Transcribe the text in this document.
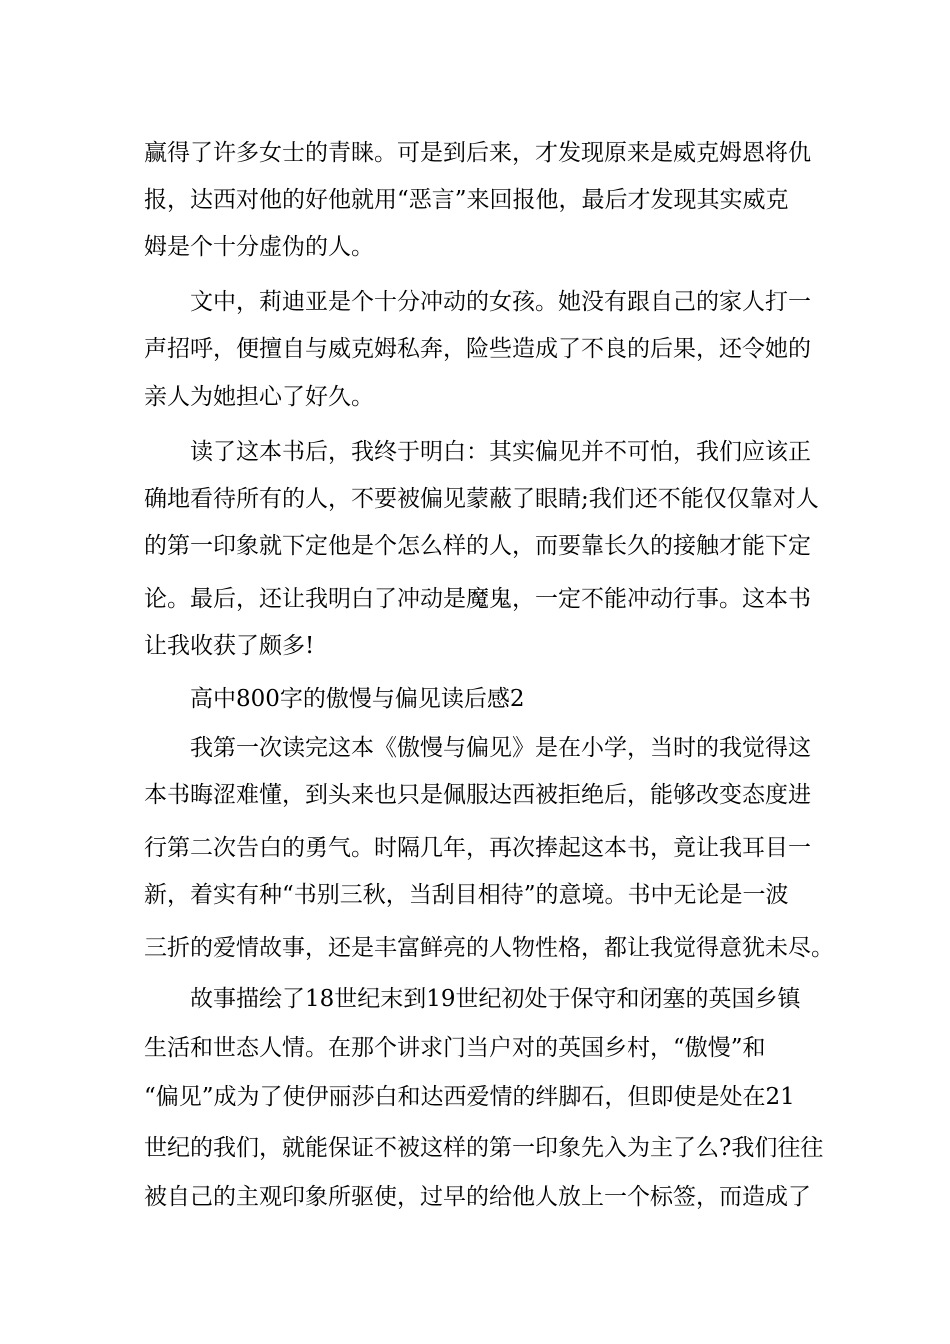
赢得了许多女士的青睐。可是到后来，才发现原来是威克姆恩将仇
报，达西对他的好他就用“恶言”来回报他，最后才发现其实威克
姆是个十分虚伪的人。
　　文中，莉迪亚是个十分冲动的女孩。她没有跟自己的家人打一
声招呼，便擅自与威克姆私奔，险些造成了不良的后果，还令她的
亲人为她担心了好久。
　　读了这本书后，我终于明白：其实偏见并不可怕，我们应该正
确地看待所有的人，不要被偏见蒙蔽了眼睛;我们还不能仅仅靠对人
的第一印象就下定他是个怎么样的人，而要靠长久的接触才能下定
论。最后，还让我明白了冲动是魔鬼，一定不能冲动行事。这本书
让我收获了颇多!
　　高中800字的傲慢与偏见读后感2
　　我第一次读完这本《傲慢与偏见》是在小学，当时的我觉得这
本书晦涩难懂，到头来也只是佩服达西被拒绝后，能够改变态度进
行第二次告白的勇气。时隔几年，再次捧起这本书，竟让我耳目一
新，着实有种“书别三秋，当刮目相待”的意境。书中无论是一波
三折的爱情故事，还是丰富鲜亮的人物性格，都让我觉得意犹未尽。
　　故事描绘了18世纪末到19世纪初处于保守和闭塞的英国乡镇
生活和世态人情。在那个讲求门当户对的英国乡村，“傲慢”和
“偏见”成为了使伊丽莎白和达西爱情的绊脚石，但即使是处在21
世纪的我们，就能保证不被这样的第一印象先入为主了么?我们往往
被自己的主观印象所驱使，过早的给他人放上一个标签，而造成了
